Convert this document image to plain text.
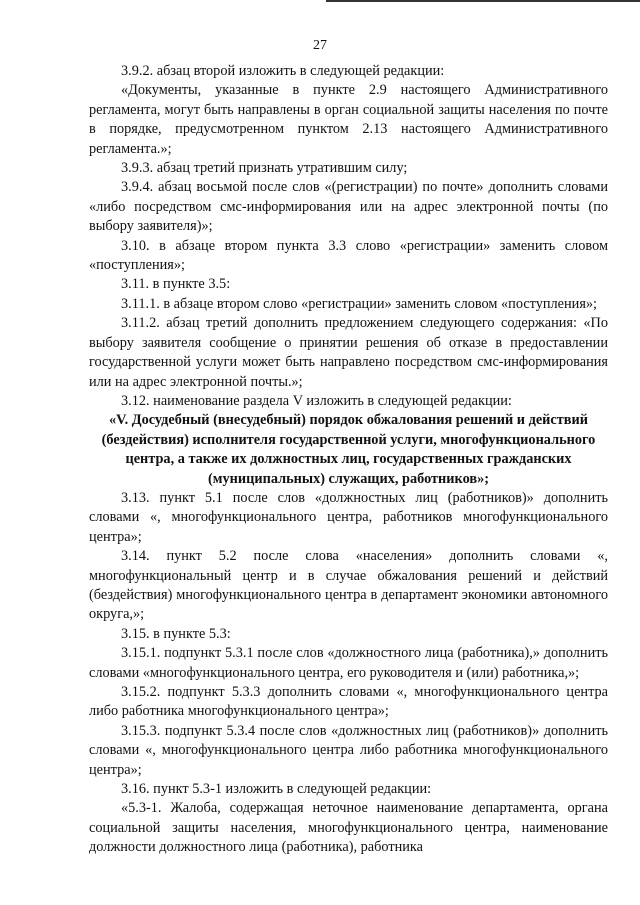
27

3.9.2. абзац второй изложить в следующей редакции:

«Документы, указанные в пункте 2.9 настоящего Административного регламента, могут быть направлены в орган социальной защиты населения по почте в порядке, предусмотренном пунктом 2.13 настоящего Административного регламента.»;

3.9.3. абзац третий признать утратившим силу;

3.9.4. абзац восьмой после слов «(регистрации) по почте» дополнить словами «либо посредством смс-информирования или на адрес электронной почты (по выбору заявителя)»;

3.10. в абзаце втором пункта 3.3 слово «регистрации» заменить словом «поступления»;

3.11. в пункте 3.5:

3.11.1. в абзаце втором слово «регистрации» заменить словом «поступления»;

3.11.2. абзац третий дополнить предложением следующего содержания: «По выбору заявителя сообщение о принятии решения об отказе в предоставлении государственной услуги может быть направлено посредством смс-информирования или на адрес электронной почты.»;

3.12. наименование раздела V изложить в следующей редакции:

«V. Досудебный (внесудебный) порядок обжалования решений и действий (бездействия) исполнителя государственной услуги, многофункционального центра, а также их должностных лиц, государственных гражданских (муниципальных) служащих, работников»;

3.13. пункт 5.1 после слов «должностных лиц (работников)» дополнить словами «, многофункционального центра, работников многофункционального центра»;

3.14. пункт 5.2 после слова «населения» дополнить словами «, многофункциональный центр и в случае обжалования решений и действий (бездействия) многофункционального центра в департамент экономики автономного округа,»;

3.15. в пункте 5.3:

3.15.1. подпункт 5.3.1 после слов «должностного лица (работника),» дополнить словами «многофункционального центра, его руководителя и (или) работника,»;

3.15.2. подпункт 5.3.3 дополнить словами «, многофункционального центра либо работника многофункционального центра»;

3.15.3. подпункт 5.3.4 после слов «должностных лиц (работников)» дополнить словами «, многофункционального центра либо работника многофункционального центра»;

3.16. пункт 5.3-1 изложить в следующей редакции:

«5.3-1. Жалоба, содержащая неточное наименование департамента, органа социальной защиты населения, многофункционального центра, наименование должности должностного лица (работника), работника
